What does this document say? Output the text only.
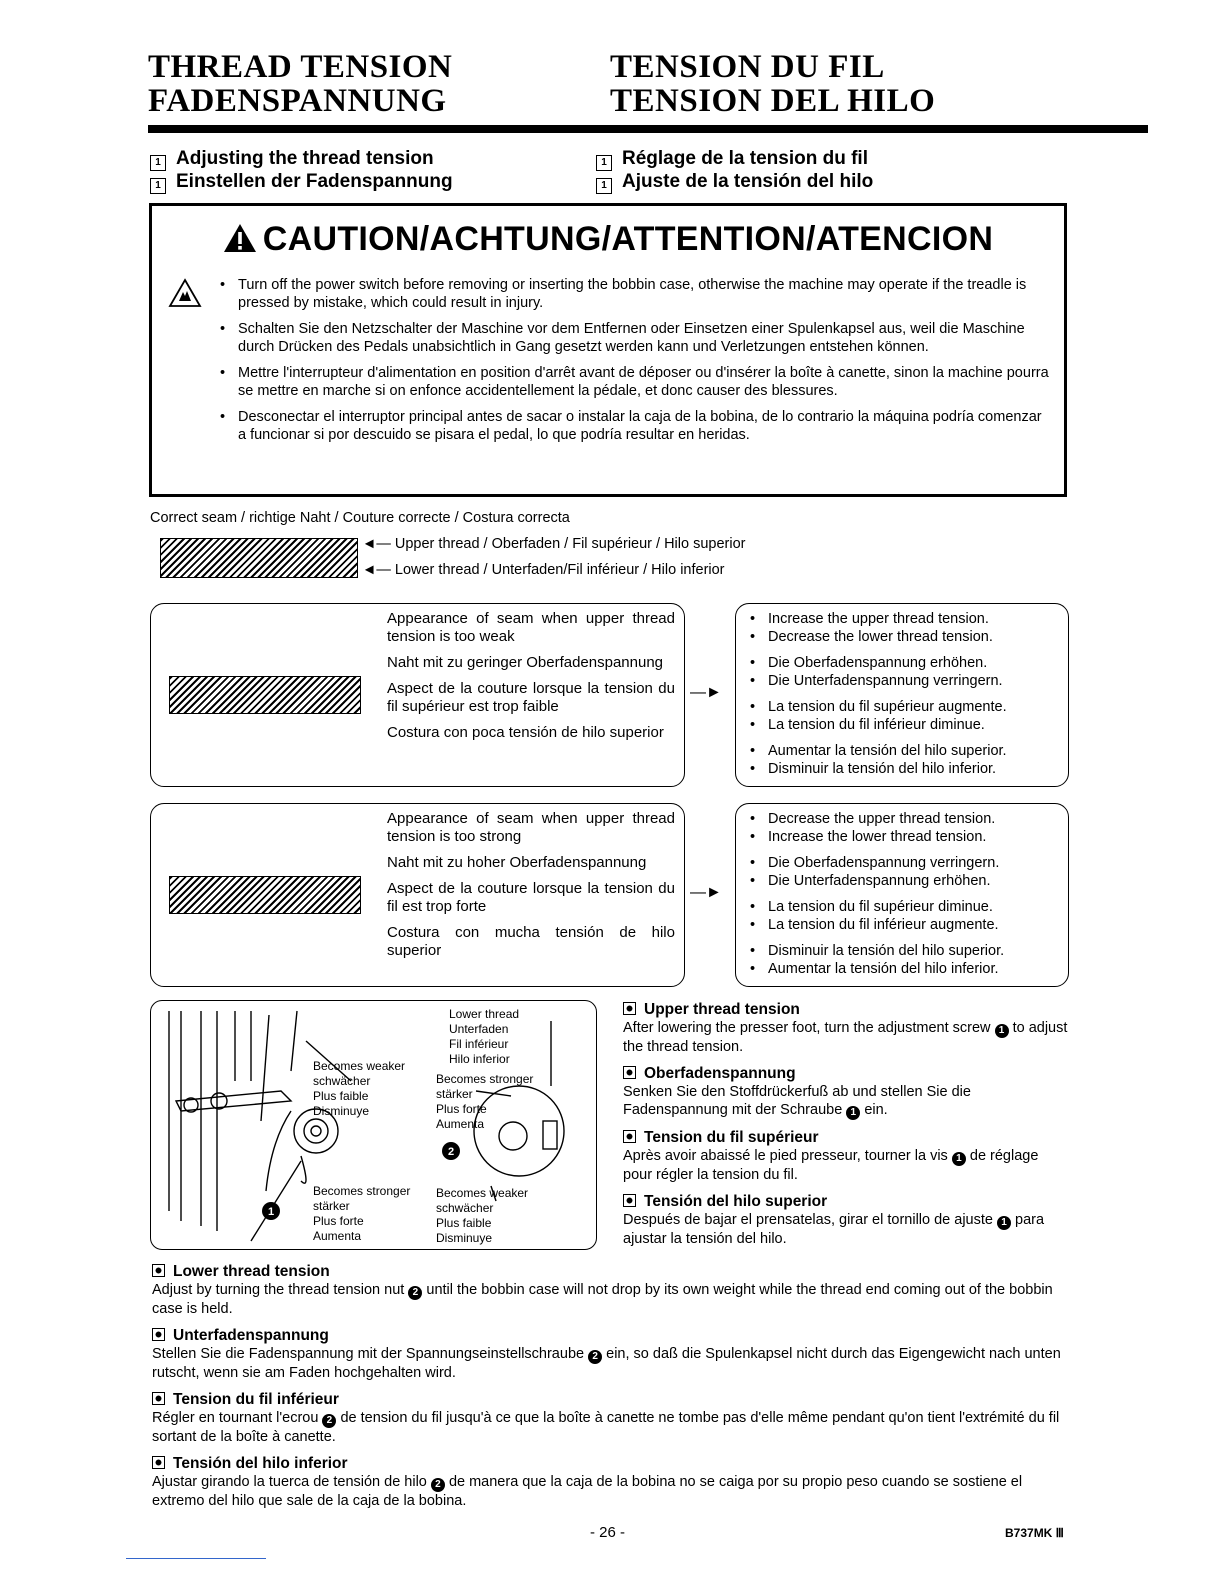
THREAD TENSION
FADENSPANNUNG
TENSION DU FIL
TENSION DEL HILO
1 Adjusting the thread tension
1 Einstellen der Fadenspannung
1 Réglage de la tension du fil
1 Ajuste de la tensión del hilo
CAUTION/ACHTUNG/ATTENTION/ATENCION
• Turn off the power switch before removing or inserting the bobbin case, otherwise the machine may operate if the treadle is pressed by mistake, which could result in injury.
• Schalten Sie den Netzschalter der Maschine vor dem Entfernen oder Einsetzen einer Spulenkapsel aus, weil die Maschine durch Drücken des Pedals unabsichtlich in Gang gesetzt werden kann und Verletzungen entstehen können.
• Mettre l'interrupteur d'alimentation en position d'arrêt avant de déposer ou d'insérer la boîte à canette, sinon la machine pourra se mettre en marche si on enfonce accidentellement la pédale, et donc causer des blessures.
• Desconectar el interruptor principal antes de sacar o instalar la caja de la bobina, de lo contrario la máquina podría comenzar a funcionar si por descuido se pisara el pedal, lo que podría resultar en heridas.
Correct seam / richtige Naht / Couture correcte / Costura correcta
◄— Upper thread / Oberfaden / Fil supérieur / Hilo superior
◄— Lower thread / Unterfaden/Fil inférieur / Hilo inferior

Appearance of seam when upper thread tension is too weak

Naht mit zu geringer Oberfadenspannung

Aspect de la couture lorsque la tension du fil supérieur est trop faible

Costura con poca tensión de hilo superior

—►
• Increase the upper thread tension.
• Decrease the lower thread tension.
• Die Oberfadenspannung erhöhen.
• Die Unterfadenspannung verringern.
• La tension du fil supérieur augmente.
• La tension du fil inférieur diminue.
• Aumentar la tensión del hilo superior.
• Disminuir la tensión del hilo inferior.

Appearance of seam when upper thread tension is too strong

Naht mit zu hoher Oberfadenspannung

Aspect de la couture lorsque la tension du fil est trop forte

Costura con mucha tensión de hilo superior

—►
• Decrease the upper thread tension.
• Increase the lower thread tension.
• Die Oberfadenspannung verringern.
• Die Unterfadenspannung erhöhen.
• La tension du fil supérieur diminue.
• La tension du fil inférieur augmente.
• Disminuir la tensión del hilo superior.
• Aumentar la tensión del hilo inferior.
1
2
Becomes weaker
schwächer
Plus faible
Disminuye
Becomes stronger
stärker
Plus forte
Aumenta
Lower thread
Unterfaden
Fil inférieur
Hilo inferior
Becomes stronger
stärker
Plus forte
Aumenta
Becomes weaker
schwächer
Plus faible
Disminuye
Upper thread tension
After lowering the presser foot, turn the adjustment screw 1 to adjust the thread tension.
Oberfadenspannung
Senken Sie den Stoffdrückerfuß ab und stellen Sie die Fadenspannung mit der Schraube 1 ein.
Tension du fil supérieur
Après avoir abaissé le pied presseur, tourner la vis 1 de réglage pour régler la tension du fil.
Tensión del hilo superior
Después de bajar el prensatelas, girar el tornillo de ajuste 1 para ajustar la tensión del hilo.
Lower thread tension
Adjust by turning the thread tension nut 2 until the bobbin case will not drop by its own weight while the thread end coming out of the bobbin case is held.
Unterfadenspannung
Stellen Sie die Fadenspannung mit der Spannungseinstellschraube 2 ein, so daß die Spulenkapsel nicht durch das Eigengewicht nach unten rutscht, wenn sie am Faden hochgehalten wird.
Tension du fil inférieur
Régler en tournant l'ecrou 2 de tension du fil jusqu'à ce que la boîte à canette ne tombe pas d'elle même pendant qu'on tient l'extrémité du fil sortant de la boîte à canette.
Tensión del hilo inferior
Ajustar girando la tuerca de tensión de hilo 2 de manera que la caja de la bobina no se caiga por su propio peso cuando se sostiene el extremo del hilo que sale de la caja de la bobina.
- 26 -	B737MK Ⅲ
